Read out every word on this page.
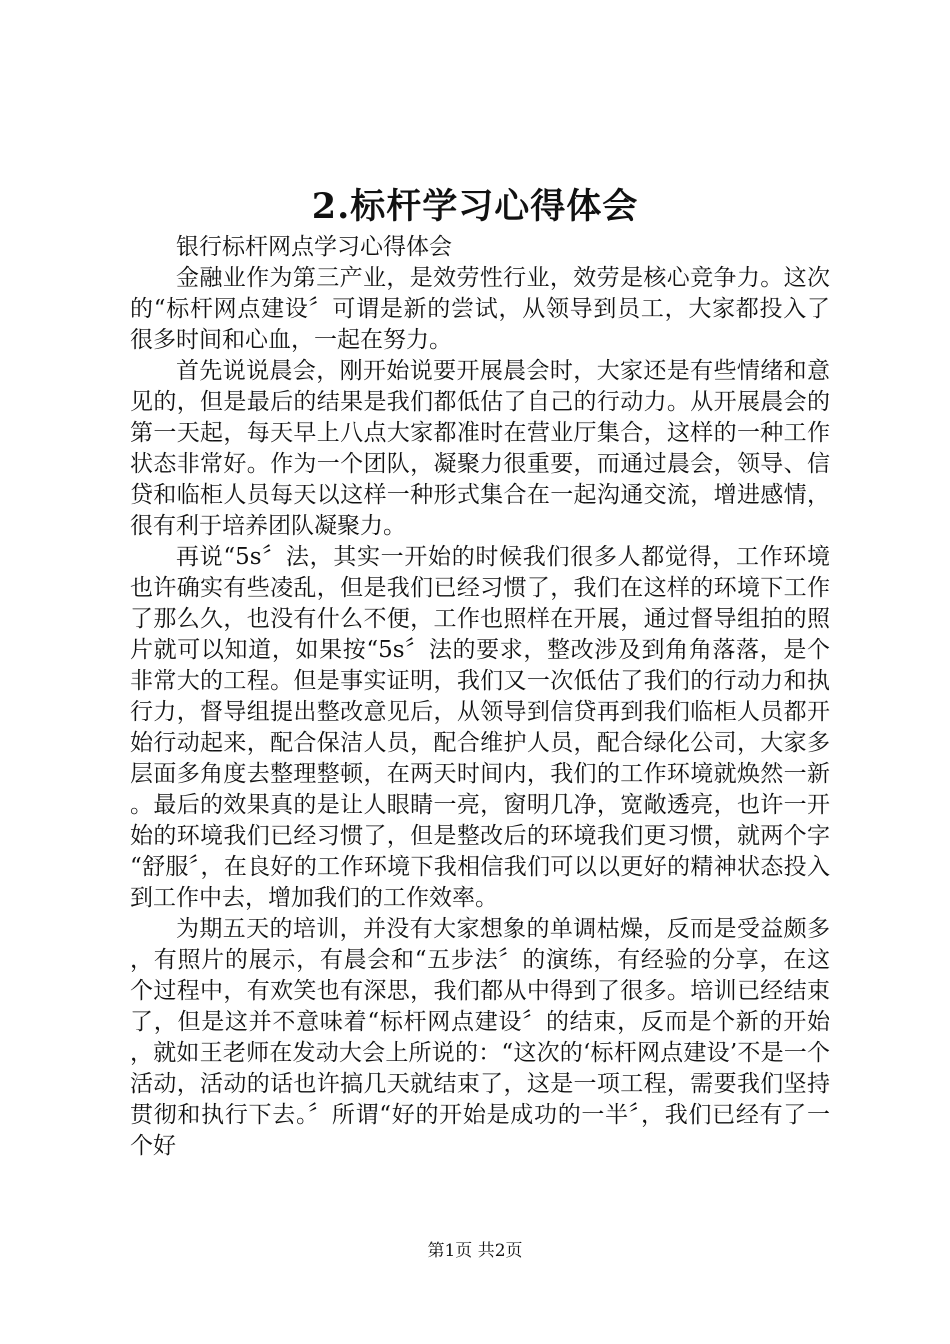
2.标杆学习心得体会

银行标杆网点学习心得体会

金融业作为第三产业，是效劳性行业，效劳是核心竞争力。这次的“标杆网点建设〞可谓是新的尝试，从领导到员工，大家都投入了很多时间和心血，一起在努力。

首先说说晨会，刚开始说要开展晨会时，大家还是有些情绪和意见的，但是最后的结果是我们都低估了自己的行动力。从开展晨会的第一天起，每天早上八点大家都准时在营业厅集合，这样的一种工作状态非常好。作为一个团队，凝聚力很重要，而通过晨会，领导、信贷和临柜人员每天以这样一种形式集合在一起沟通交流，增进感情，很有利于培养团队凝聚力。

再说“5s〞法，其实一开始的时候我们很多人都觉得，工作环境也许确实有些凌乱，但是我们已经习惯了，我们在这样的环境下工作了那么久，也没有什么不便，工作也照样在开展，通过督导组拍的照片就可以知道，如果按“5s〞法的要求，整改涉及到角角落落，是个非常大的工程。但是事实证明，我们又一次低估了我们的行动力和执行力，督导组提出整改意见后，从领导到信贷再到我们临柜人员都开始行动起来，配合保洁人员，配合维护人员，配合绿化公司，大家多层面多角度去整理整顿，在两天时间内，我们的工作环境就焕然一新。最后的效果真的是让人眼睛一亮，窗明几净，宽敞透亮，也许一开始的环境我们已经习惯了，但是整改后的环境我们更习惯，就两个字“舒服〞，在良好的工作环境下我相信我们可以以更好的精神状态投入到工作中去，增加我们的工作效率。

为期五天的培训，并没有大家想象的单调枯燥，反而是受益颇多，有照片的展示，有晨会和“五步法〞的演练，有经验的分享，在这个过程中，有欢笑也有深思，我们都从中得到了很多。培训已经结束了，但是这并不意味着“标杆网点建设〞的结束，反而是个新的开始，就如王老师在发动大会上所说的：“这次的‘标杆网点建设’不是一个活动，活动的话也许搞几天就结束了，这是一项工程，需要我们坚持贯彻和执行下去。〞所谓“好的开始是成功的一半〞，我们已经有了一个好

第1页 共2页
